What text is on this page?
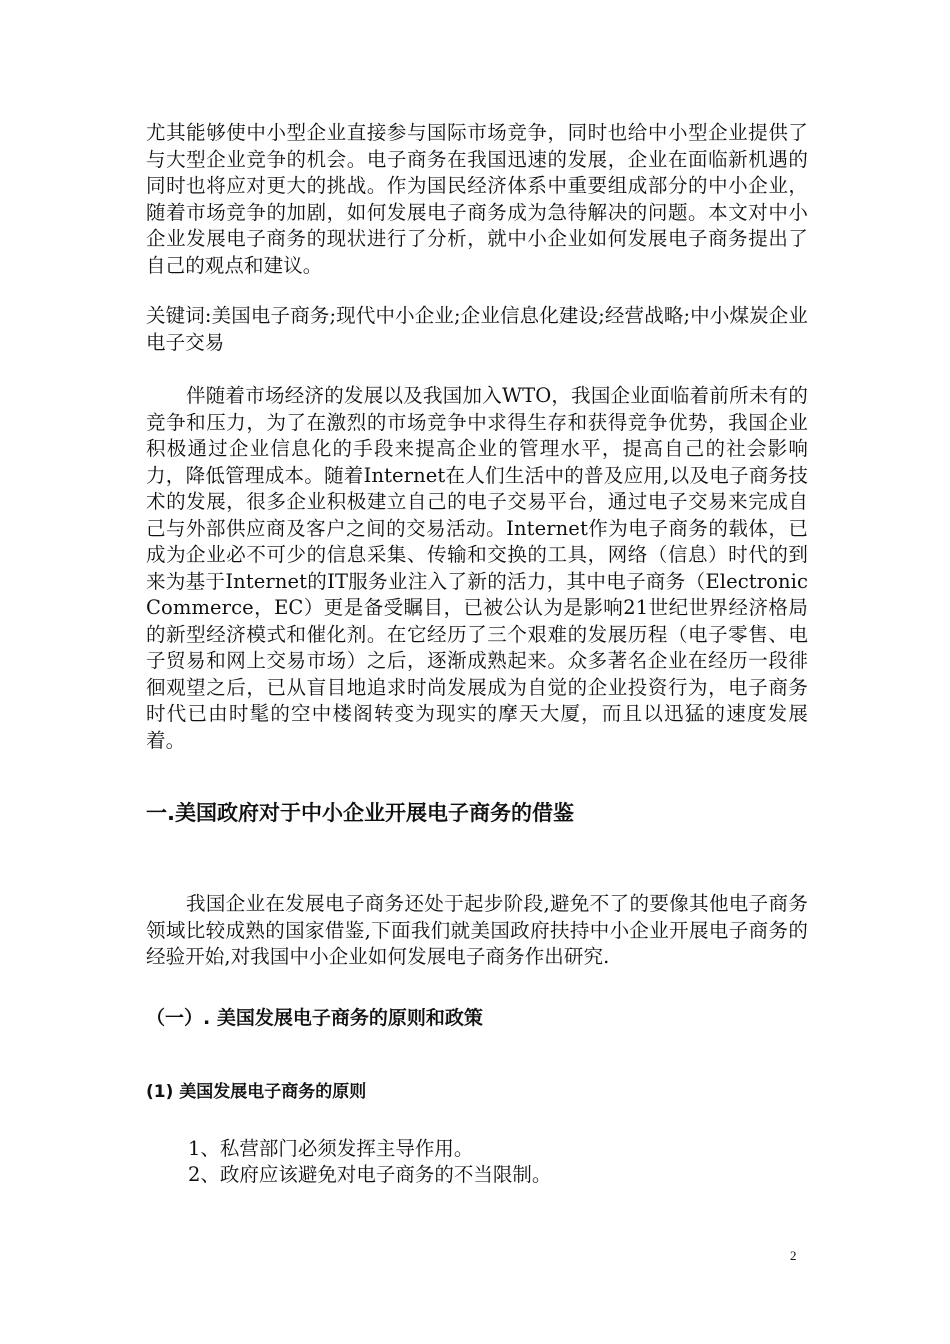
尤其能够使中小型企业直接参与国际市场竞争，同时也给中小型企业提供了与大型企业竞争的机会。电子商务在我国迅速的发展，企业在面临新机遇的同时也将应对更大的挑战。作为国民经济体系中重要组成部分的中小企业，随着市场竞争的加剧，如何发展电子商务成为急待解决的问题。本文对中小企业发展电子商务的现状进行了分析，就中小企业如何发展电子商务提出了自己的观点和建议。

关键词:美国电子商务;现代中小企业;企业信息化建设;经营战略;中小煤炭企业电子交易

伴随着市场经济的发展以及我国加入WTO，我国企业面临着前所未有的竞争和压力，为了在激烈的市场竞争中求得生存和获得竞争优势，我国企业积极通过企业信息化的手段来提高企业的管理水平，提高自己的社会影响力，降低管理成本。随着Internet在人们生活中的普及应用,以及电子商务技术的发展，很多企业积极建立自己的电子交易平台，通过电子交易来完成自己与外部供应商及客户之间的交易活动。Internet作为电子商务的载体，已成为企业必不可少的信息采集、传输和交换的工具，网络（信息）时代的到来为基于Internet的IT服务业注入了新的活力，其中电子商务（Electronic Commerce，EC）更是备受瞩目，已被公认为是影响21世纪世界经济格局的新型经济模式和催化剂。在它经历了三个艰难的发展历程（电子零售、电子贸易和网上交易市场）之后，逐渐成熟起来。众多著名企业在经历一段徘徊观望之后，已从盲目地追求时尚发展成为自觉的企业投资行为，电子商务时代已由时髦的空中楼阁转变为现实的摩天大厦，而且以迅猛的速度发展着。

一.美国政府对于中小企业开展电子商务的借鉴

我国企业在发展电子商务还处于起步阶段,避免不了的要像其他电子商务领域比较成熟的国家借鉴,下面我们就美国政府扶持中小企业开展电子商务的经验开始,对我国中小企业如何发展电子商务作出研究.

（一）. 美国发展电子商务的原则和政策
(1) 美国发展电子商务的原则
1、私营部门必须发挥主导作用。
2、政府应该避免对电子商务的不当限制。
2
